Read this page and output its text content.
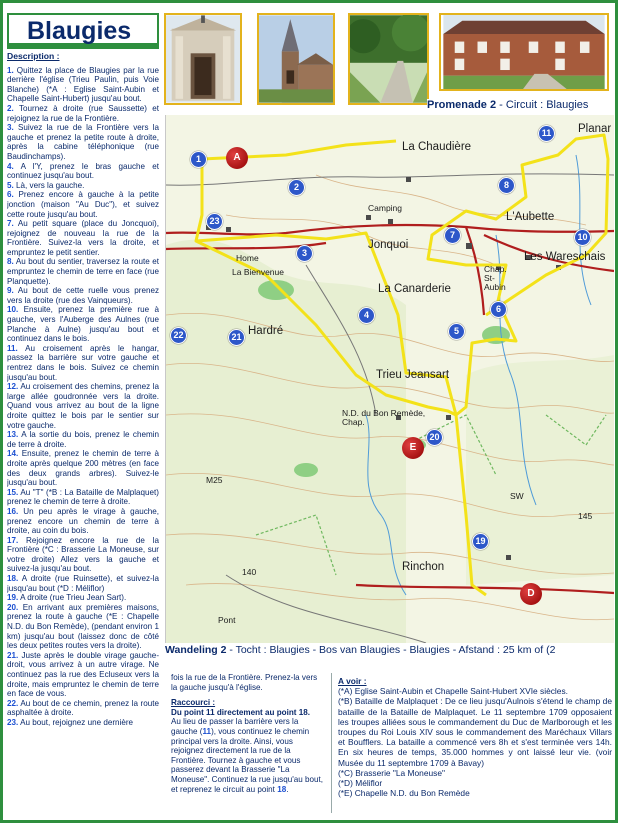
Blaugies
Promenade 2 - Circuit : Blaugies
Description :
1. Quittez la place de Blaugies par la rue derrière l'église (Trieu Paulin, puis Voie Blanche) (*A : Eglise Saint-Aubin et Chapelle Saint-Hubert) jusqu'au bout.
2. Tournez à droite (rue Saussette) et rejoignez la rue de la Frontière.
3. Suivez la rue de la Frontière vers la gauche et prenez la petite route à droite, après la cabine téléphonique (rue Baudinchamps).
4. A l'Y, prenez le bras gauche et continuez jusqu'au bout.
5. Là, vers la gauche.
6. Prenez encore à gauche à la petite jonction (maison "Au Duc"), et suivez cette route jusqu'au bout.
7. Au petit square (place du Joncquoi), rejoignez de nouveau la rue de la Frontière. Suivez-la vers la droite, et empruntez le petit sentier.
8. Au bout du sentier, traversez la route et empruntez le chemin de terre en face (rue Planquette).
9. Au bout de cette ruelle vous prenez vers la droite (rue des Vainqueurs).
10. Ensuite, prenez la première rue à gauche, vers l'Auberge des Aulnes (rue Planche à Aulne) jusqu'au bout et continuez dans le bois.
11. Au croisement après le hangar, passez la barrière sur votre gauche et rentrez dans le bois. Suivez ce chemin jusqu'au bout.
12. Au croisement des chemins, prenez la large allée goudronnée vers la droite. Quand vous arrivez au bout de la ligne droite quittez le bois par le sentier sur votre gauche.
13. A la sortie du bois, prenez le chemin de terre à droite.
14. Ensuite, prenez le chemin de terre à droite après quelque 200 mètres (en face des deux grands arbres). Suivez-le jusqu'au bout.
15. Au "T" (*B : La Bataille de Malplaquet) prenez le chemin de terre à droite.
16. Un peu après le virage à gauche, prenez encore un chemin de terre à droite, au coin du bois.
17. Rejoignez encore la rue de la Frontière (*C : Brasserie La Moneuse, sur votre droite) Allez vers la gauche et suivez-la jusqu'au bout.
18. A droite (rue Ruinsette), et suivez-la jusqu'au bout (*D : Méliflor)
19. A droite (rue Trieu Jean Sart).
20. En arrivant aux premières maisons, prenez la route à gauche (*E : Chapelle N.D. du Bon Remède), (pendant environ 1 km) jusqu'au bout (laissez donc de côté les deux petites routes vers la droite).
21. Juste après le double virage gauche-droit, vous arrivez à un autre virage. Ne continuez pas la rue des Ecluseux vers la droite, mais empruntez le chemin de terre en face de vous.
22. Au bout de ce chemin, prenez la route asphaltée à droite.
23. Au bout, rejoignez une dernière
La Chaudière
Planar
L'Aubette
Camping
Jonquoi
Les Wareschais
Chap. St-Aubin
Home
La Bienvenue
La Canarderie
Hardré
Trieu Jeansart
N.D. du Bon Remède, Chap.
Rinchon
Pont
140
145
SW
M25
1
2
3
4
5
6
7
8
10
11
19
20
21
22
23
A
D
E
Wandeling 2 - Tocht : Blaugies - Bos van Blaugies - Blaugies - Afstand : 25 km of (2
fois la rue de la Frontière. Prenez-la vers la gauche jusqu'à l'église.
Raccourci :
Du point 11 directement au point 18.
Au lieu de passer la barrière vers la gauche (11), vous continuez le chemin principal vers la droite. Ainsi, vous rejoignez directement la rue de la Frontière. Tournez à gauche et vous passerez devant la Brasserie "La Moneuse". Continuez la rue jusqu'au bout, et reprenez le circuit au point 18.
A voir :
(*A) Eglise Saint-Aubin et Chapelle Saint-Hubert XVIe siècles.
(*B) Bataille de Malplaquet : De ce lieu jusqu'Aulnois s'étend le champ de bataille de la Bataille de Malplaquet. Le 11 septembre 1709 opposaient les troupes alliées sous le commandement du Duc de Marlborough et les troupes du Roi Louis XIV sous le commandement des Maréchaux Villars et Boufflers. La bataille a commencé vers 8h et s'est terminée vers 14h. En six heures de temps, 35.000 hommes y ont laissé leur vie. (voir Musée du 11 septembre 1709 à Bavay)
(*C) Brasserie "La Moneuse"
(*D) Méliflor
(*E) Chapelle N.D. du Bon Remède
